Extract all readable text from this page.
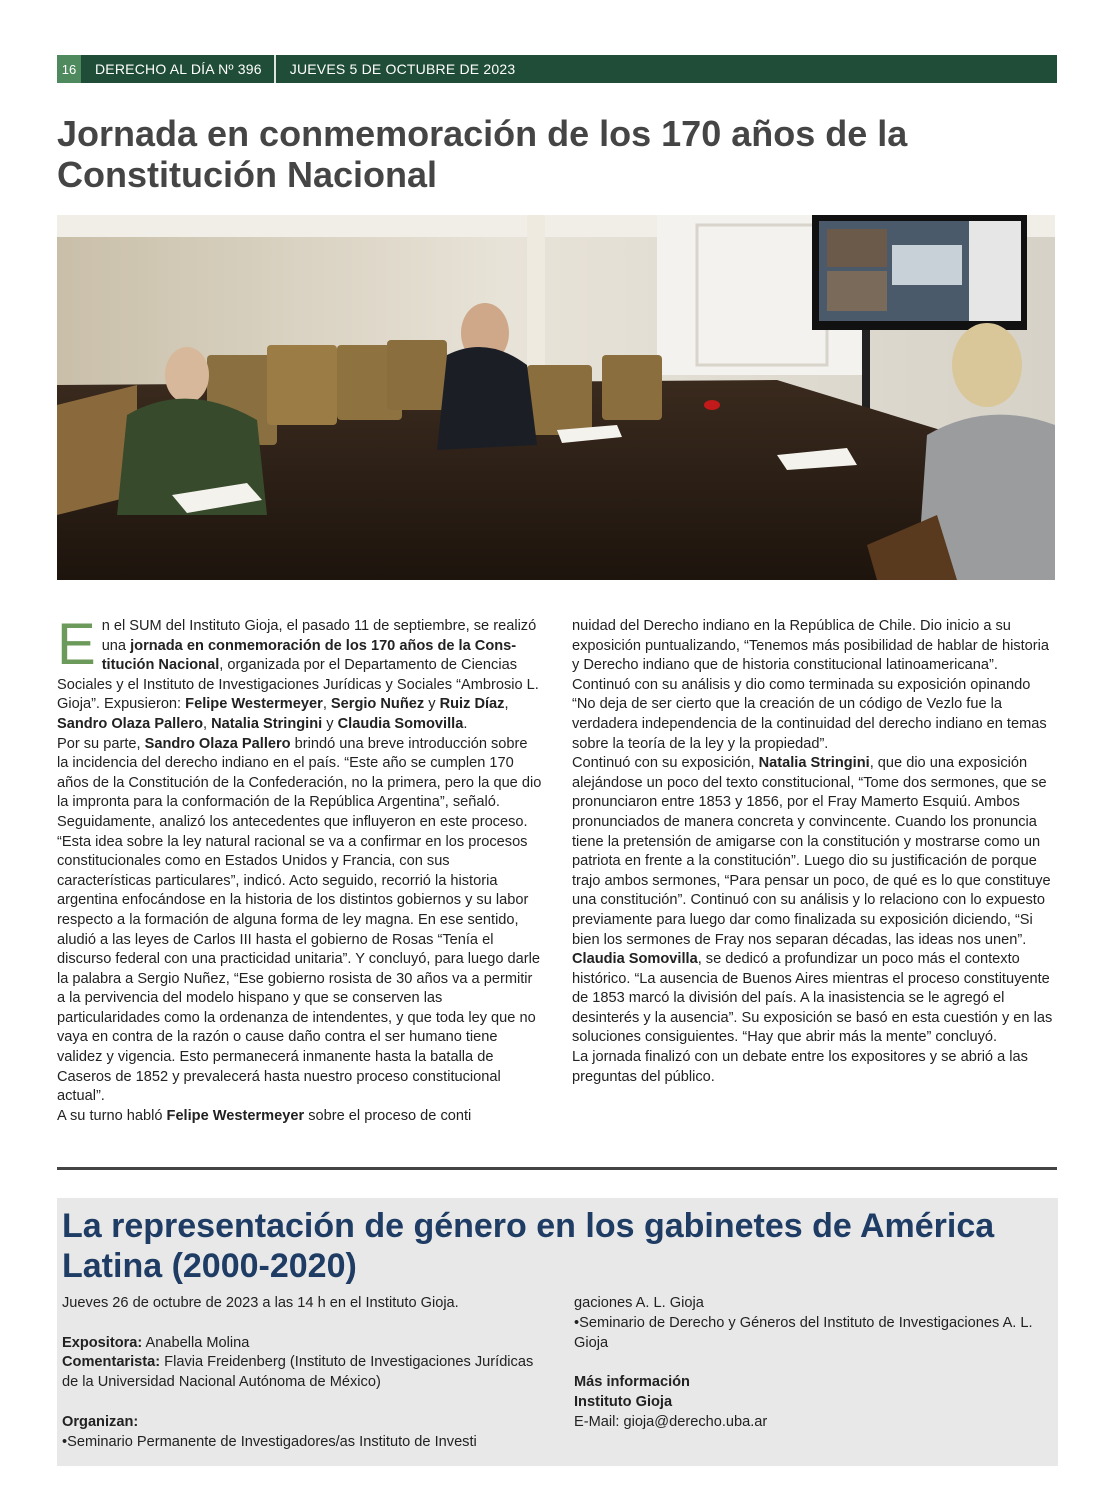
16	DERECHO AL DÍA Nº 396	JUEVES 5 DE OCTUBRE DE 2023
Jornada en conmemoración de los 170 años de la Constitución Nacional
E n el SUM del Instituto Gioja, el pasado 11 de septiembre, se realizó una jornada en conmemoración de los 170 años de la Constitución Nacional, organizada por el Departamento de Ciencias Sociales y el Instituto de Investigaciones Jurídicas y Sociales “Ambrosio L. Gioja”. Expusieron: Felipe Westermeyer, Sergio Nuñez y Ruiz Díaz, Sandro Olaza Pallero, Natalia Stringini y Claudia Somovilla.

Por su parte, Sandro Olaza Pallero brindó una breve introducción sobre la incidencia del derecho indiano en el país. “Este año se cumplen 170 años de la Constitución de la Confederación, no la primera, pero la que dio la impronta para la conformación de la República Argentina”, señaló. Seguidamente, analizó los antecedentes que influyeron en este proceso. “Esta idea sobre la ley natural racional se va a confirmar en los procesos constitucionales como en Estados Unidos y Francia, con sus características particulares”, indicó. Acto seguido, recorrió la historia argentina enfocándose en la historia de los distintos gobiernos y su labor respecto a la formación de alguna forma de ley magna. En ese sentido, aludió a las leyes de Carlos III hasta el gobierno de Rosas “Tenía el discurso federal con una practicidad unitaria”. Y concluyó, para luego darle la palabra a Sergio Nuñez, “Ese gobierno rosista de 30 años va a permitir a la pervivencia del modelo hispano y que se conserven las particularidades como la ordenanza de intendentes, y que toda ley que no vaya en contra de la razón o cause daño contra el ser humano tiene validez y vigencia. Esto permanecerá inmanente hasta la batalla de Caseros de 1852 y prevalecerá hasta nuestro proceso constitucional actual”.

A su turno habló Felipe Westermeyer sobre el proceso de conti

nuidad del Derecho indiano en la República de Chile. Dio inicio a su exposición puntualizando, “Tenemos más posibilidad de hablar de historia y Derecho indiano que de historia constitucional latinoamericana”. Continuó con su análisis y dio como terminada su exposición opinando “No deja de ser cierto que la creación de un código de Vezlo fue la verdadera independencia de la continuidad del derecho indiano en temas sobre la teoría de la ley y la propiedad”.

Continuó con su exposición, Natalia Stringini, que dio una exposición alejándose un poco del texto constitucional, “Tome dos sermones, que se pronunciaron entre 1853 y 1856, por el Fray Mamerto Esquiú. Ambos pronunciados de manera concreta y convincente. Cuando los pronuncia tiene la pretensión de amigarse con la constitución y mostrarse como un patriota en frente a la constitución”. Luego dio su justificación de porque trajo ambos sermones, “Para pensar un poco, de qué es lo que constituye una constitución”. Continuó con su análisis y lo relaciono con lo expuesto previamente para luego dar como finalizada su exposición diciendo, “Si bien los sermones de Fray nos separan décadas, las ideas nos unen”.

Claudia Somovilla, se dedicó a profundizar un poco más el contexto histórico. “La ausencia de Buenos Aires mientras el proceso constituyente de 1853 marcó la división del país. A la inasistencia se le agregó el desinterés y la ausencia”. Su exposición se basó en esta cuestión y en las soluciones consiguientes. “Hay que abrir más la mente” concluyó.

La jornada finalizó con un debate entre los expositores y se abrió a las preguntas del público.

La representación de género en los gabinetes de América Latina (2000-2020)

Jueves 26 de octubre de 2023 a las 14 h en el Instituto Gioja.

Expositora: Anabella Molina

Comentarista: Flavia Freidenberg (Instituto de Investigaciones Jurídicas de la Universidad Nacional Autónoma de México)

Organizan:

•Seminario Permanente de Investigadores/as Instituto de Investi

gaciones A. L. Gioja

•Seminario de Derecho y Géneros del Instituto de Investigaciones A. L. Gioja

Más información

Instituto Gioja

E-Mail: gioja@derecho.uba.ar
